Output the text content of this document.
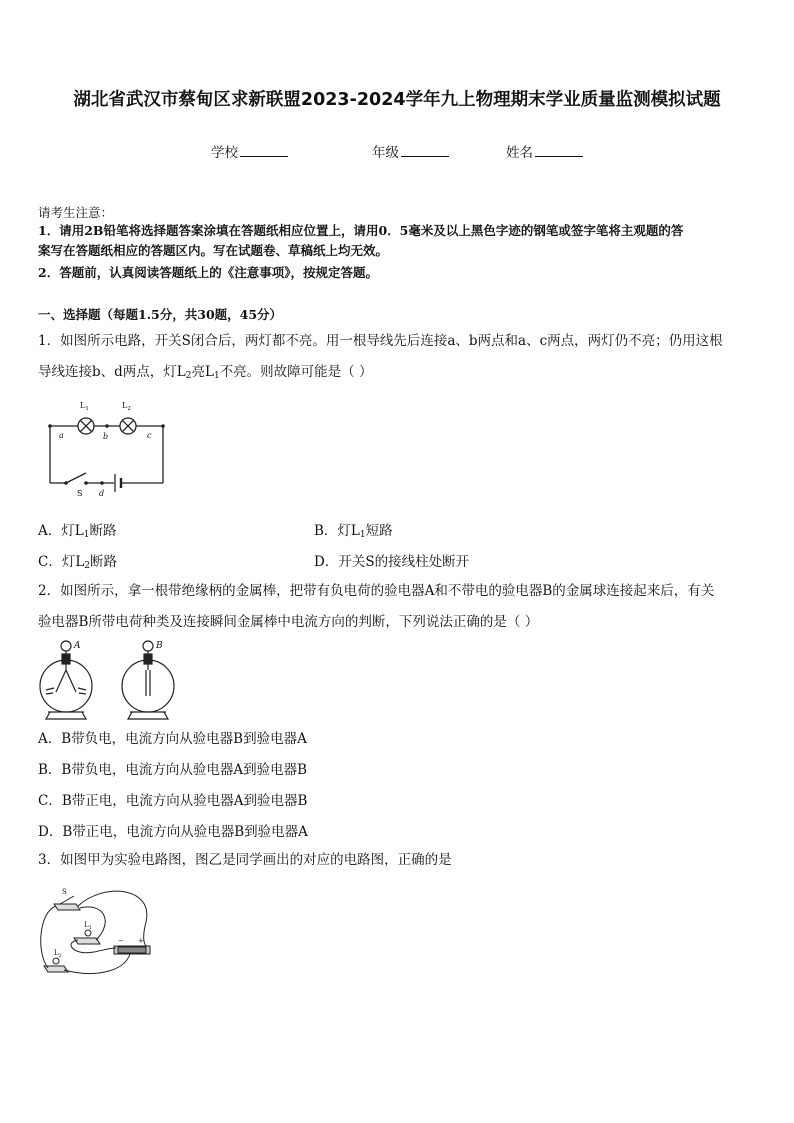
湖北省武汉市蔡甸区求新联盟2023-2024学年九上物理期末学业质量监测模拟试题
学校	年级	姓名
请考生注意：
1．请用2B铅笔将选择题答案涂填在答题纸相应位置上，请用0．5毫米及以上黑色字迹的钢笔或签字笔将主观题的答
案写在答题纸相应的答题区内。写在试题卷、草稿纸上均无效。
2．答题前，认真阅读答题纸上的《注意事项》，按规定答题。
一、选择题（每题1.5分，共30题，45分）
1．如图所示电路，开关S闭合后，两灯都不亮。用一根导线先后连接a、b两点和a、c两点，两灯仍不亮；仍用这根
导线连接b、d两点，灯$L_2$亮$L_1$不亮。则故障可能是（ ）
$L_1$	$L_2$
a	b	c
d
S
A．灯$L_1$断路	B．灯$L_1$短路
C．灯$L_2$断路	D．开关S的接线柱处断开
2．如图所示，拿一根带绝缘柄的金属棒，把带有负电荷的验电器A和不带电的验电器B的金属球连接起来后，有关
验电器B所带电荷种类及连接瞬间金属棒中电流方向的判断，下列说法正确的是（ ）
A	B
A．B带负电，电流方向从验电器B到验电器A
B．B带负电，电流方向从验电器A到验电器B
C．B带正电，电流方向从验电器A到验电器B
D．B带正电，电流方向从验电器B到验电器A
3．如图甲为实验电路图，图乙是同学画出的对应的电路图，正确的是
S
$L_1$
$L_2$
− +
